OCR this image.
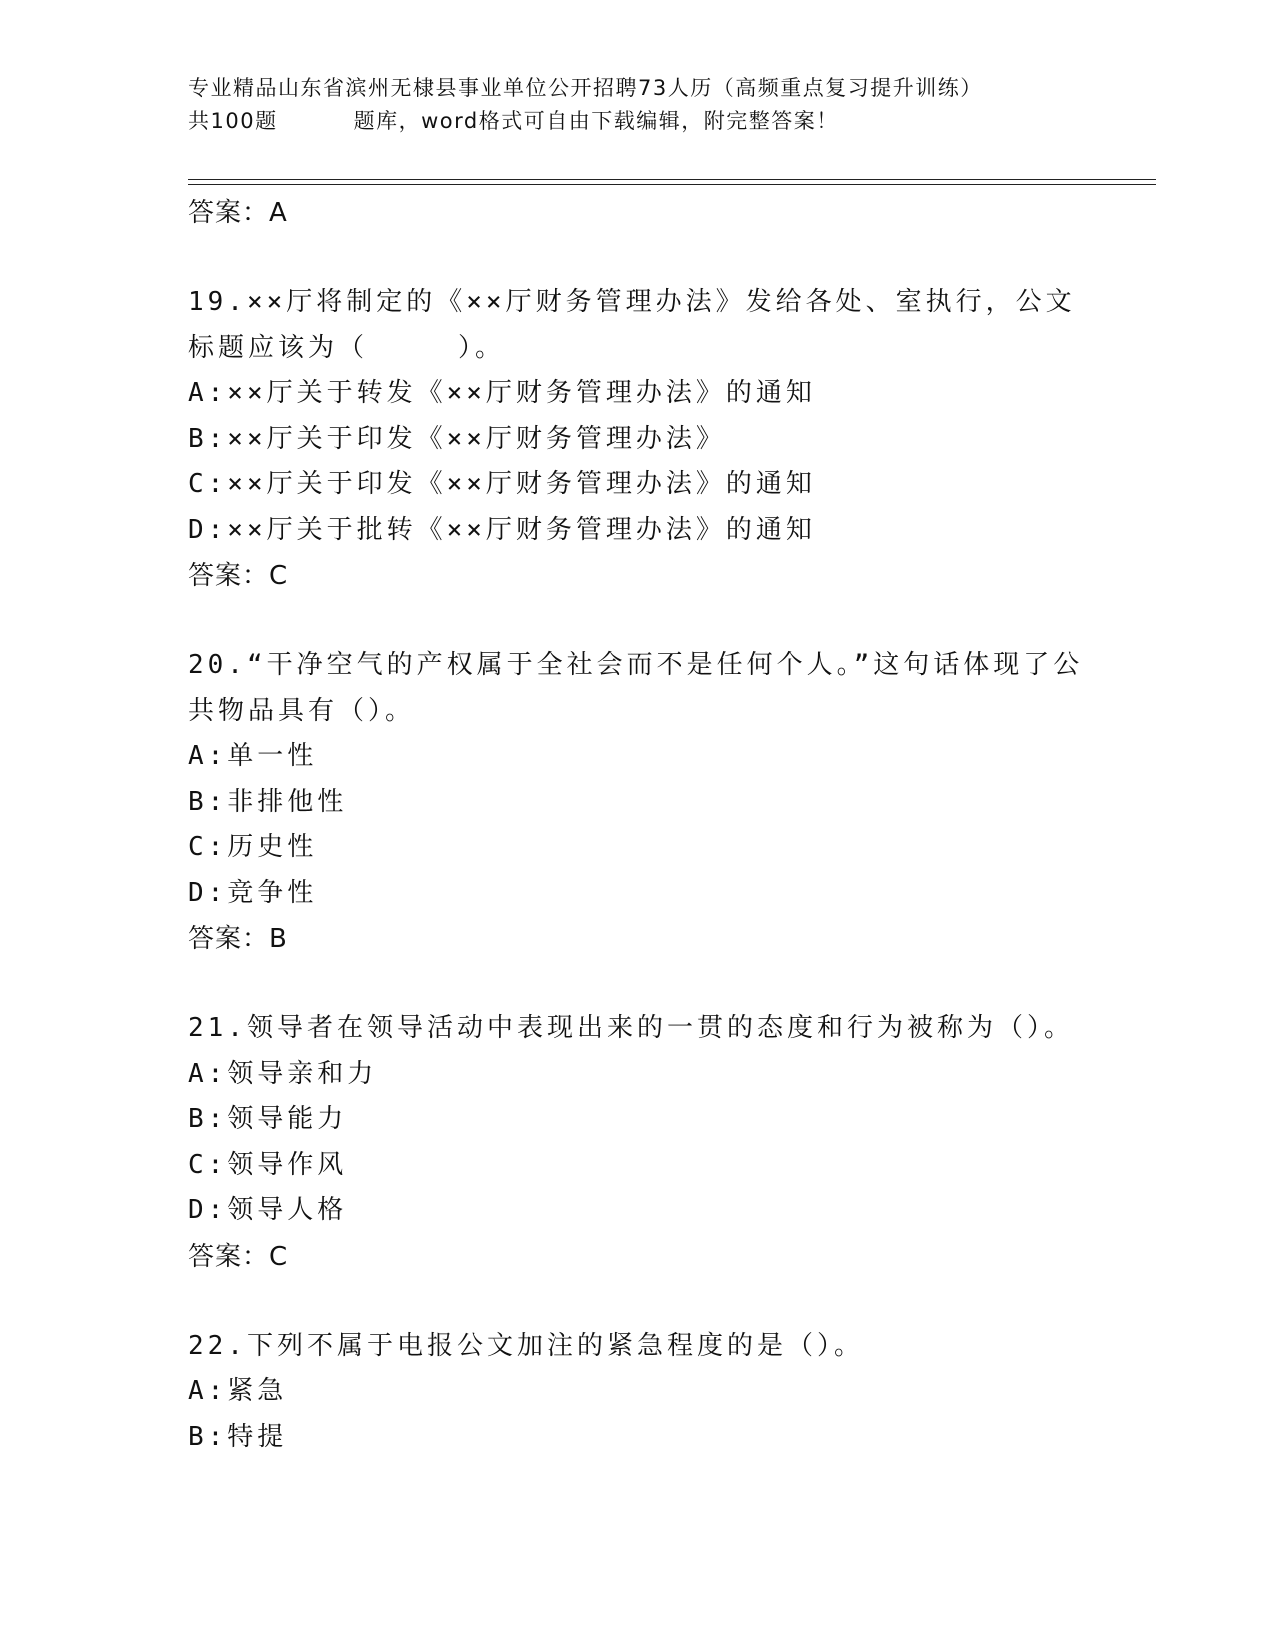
专业精品山东省滨州无棣县事业单位公开招聘73人历（高频重点复习提升训练）
共100题	题库，word格式可自由下载编辑，附完整答案！
答案：A
19.××厅将制定的《××厅财务管理办法》发给各处、室执行，公文
标题应该为（　　　）。
A:××厅关于转发《××厅财务管理办法》的通知
B:××厅关于印发《××厅财务管理办法》
C:××厅关于印发《××厅财务管理办法》的通知
D:××厅关于批转《××厅财务管理办法》的通知
答案：C
20.“干净空气的产权属于全社会而不是任何个人。”这句话体现了公
共物品具有（）。
A:单一性
B:非排他性
C:历史性
D:竞争性
答案：B
21.领导者在领导活动中表现出来的一贯的态度和行为被称为（）。
A:领导亲和力
B:领导能力
C:领导作风
D:领导人格
答案：C
22.下列不属于电报公文加注的紧急程度的是（）。
A:紧急
B:特提
